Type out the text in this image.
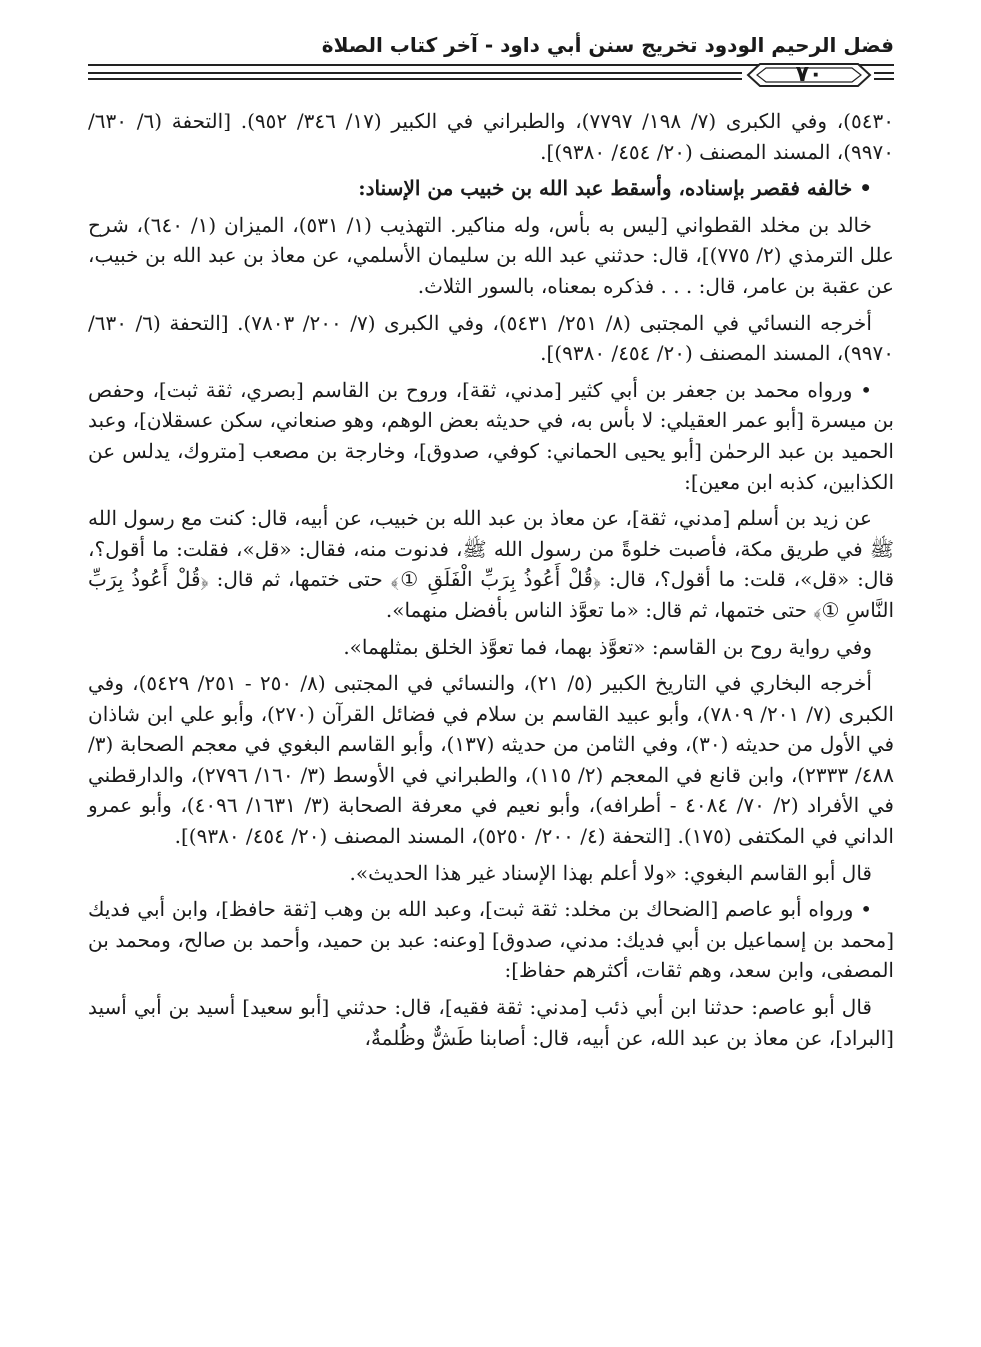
فضل الرحيم الودود تخريج سنن أبي داود - آخر كتاب الصلاة
٧٠

٥٤٣٠)، وفي الكبرى (٧/ ١٩٨/ ٧٧٩٧)، والطبراني في الكبير (١٧/ ٣٤٦/ ٩٥٢). [التحفة (٦/ ٦٣٠/ ٩٩٧٠)، المسند المصنف (٢٠/ ٤٥٤/ ٩٣٨٠)].

• خالفه فقصر بإسناده، وأسقط عبد الله بن خبيب من الإسناد:

خالد بن مخلد القطواني [ليس به بأس، وله مناكير. التهذيب (١/ ٥٣١)، الميزان (١/ ٦٤٠)، شرح علل الترمذي (٢/ ٧٧٥)]، قال: حدثني عبد الله بن سليمان الأسلمي، عن معاذ بن عبد الله بن خبيب، عن عقبة بن عامر، قال: . . . فذكره بمعناه، بالسور الثلاث.

أخرجه النسائي في المجتبى (٨/ ٢٥١/ ٥٤٣١)، وفي الكبرى (٧/ ٢٠٠/ ٧٨٠٣). [التحفة (٦/ ٦٣٠/ ٩٩٧٠)، المسند المصنف (٢٠/ ٤٥٤/ ٩٣٨٠)].

• ورواه محمد بن جعفر بن أبي كثير [مدني، ثقة]، وروح بن القاسم [بصري، ثقة ثبت]، وحفص بن ميسرة [أبو عمر العقيلي: لا بأس به، في حديثه بعض الوهم، وهو صنعاني، سكن عسقلان]، وعبد الحميد بن عبد الرحمٰن [أبو يحيى الحماني: كوفي، صدوق]، وخارجة بن مصعب [متروك، يدلس عن الكذابين، كذبه ابن معين]:

عن زيد بن أسلم [مدني، ثقة]، عن معاذ بن عبد الله بن خبيب، عن أبيه، قال: كنت مع رسول الله ﷺ في طريق مكة، فأصبت خلوةً من رسول الله ﷺ، فدنوت منه، فقال: «قل»، فقلت: ما أقول؟، قال: «قل»، قلت: ما أقول؟، قال: ﴿قُلْ أَعُوذُ بِرَبِّ الْفَلَقِ ①﴾ حتى ختمها، ثم قال: ﴿قُلْ أَعُوذُ بِرَبِّ النَّاسِ ①﴾ حتى ختمها، ثم قال: «ما تعوَّذ الناس بأفضل منهما».

وفي رواية روح بن القاسم: «تعوَّذ بهما، فما تعوَّذ الخلق بمثلهما».

أخرجه البخاري في التاريخ الكبير (٥/ ٢١)، والنسائي في المجتبى (٨/ ٢٥٠ - ٢٥١/ ٥٤٢٩)، وفي الكبرى (٧/ ٢٠١/ ٧٨٠٩)، وأبو عبيد القاسم بن سلام في فضائل القرآن (٢٧٠)، وأبو علي ابن شاذان في الأول من حديثه (٣٠)، وفي الثامن من حديثه (١٣٧)، وأبو القاسم البغوي في معجم الصحابة (٣/ ٤٨٨/ ٢٣٣٣)، وابن قانع في المعجم (٢/ ١١٥)، والطبراني في الأوسط (٣/ ١٦٠/ ٢٧٩٦)، والدارقطني في الأفراد (٢/ ٧٠/ ٤٠٨٤ - أطرافه)، وأبو نعيم في معرفة الصحابة (٣/ ١٦٣١/ ٤٠٩٦)، وأبو عمرو الداني في المكتفى (١٧٥). [التحفة (٤/ ٢٠٠/ ٥٢٥٠)، المسند المصنف (٢٠/ ٤٥٤/ ٩٣٨٠)].

قال أبو القاسم البغوي: «ولا أعلم بهذا الإسناد غير هذا الحديث».

• ورواه أبو عاصم [الضحاك بن مخلد: ثقة ثبت]، وعبد الله بن وهب [ثقة حافظ]، وابن أبي فديك [محمد بن إسماعيل بن أبي فديك: مدني، صدوق] [وعنه: عبد بن حميد، وأحمد بن صالح، ومحمد بن المصفى، وابن سعد، وهم ثقات، أكثرهم حفاظ]:

قال أبو عاصم: حدثنا ابن أبي ذئب [مدني: ثقة فقيه]، قال: حدثني [أبو سعيد] أسيد بن أبي أسيد [البراد]، عن معاذ بن عبد الله، عن أبيه، قال: أصابنا طَشٌّ وظُلمةٌ،
